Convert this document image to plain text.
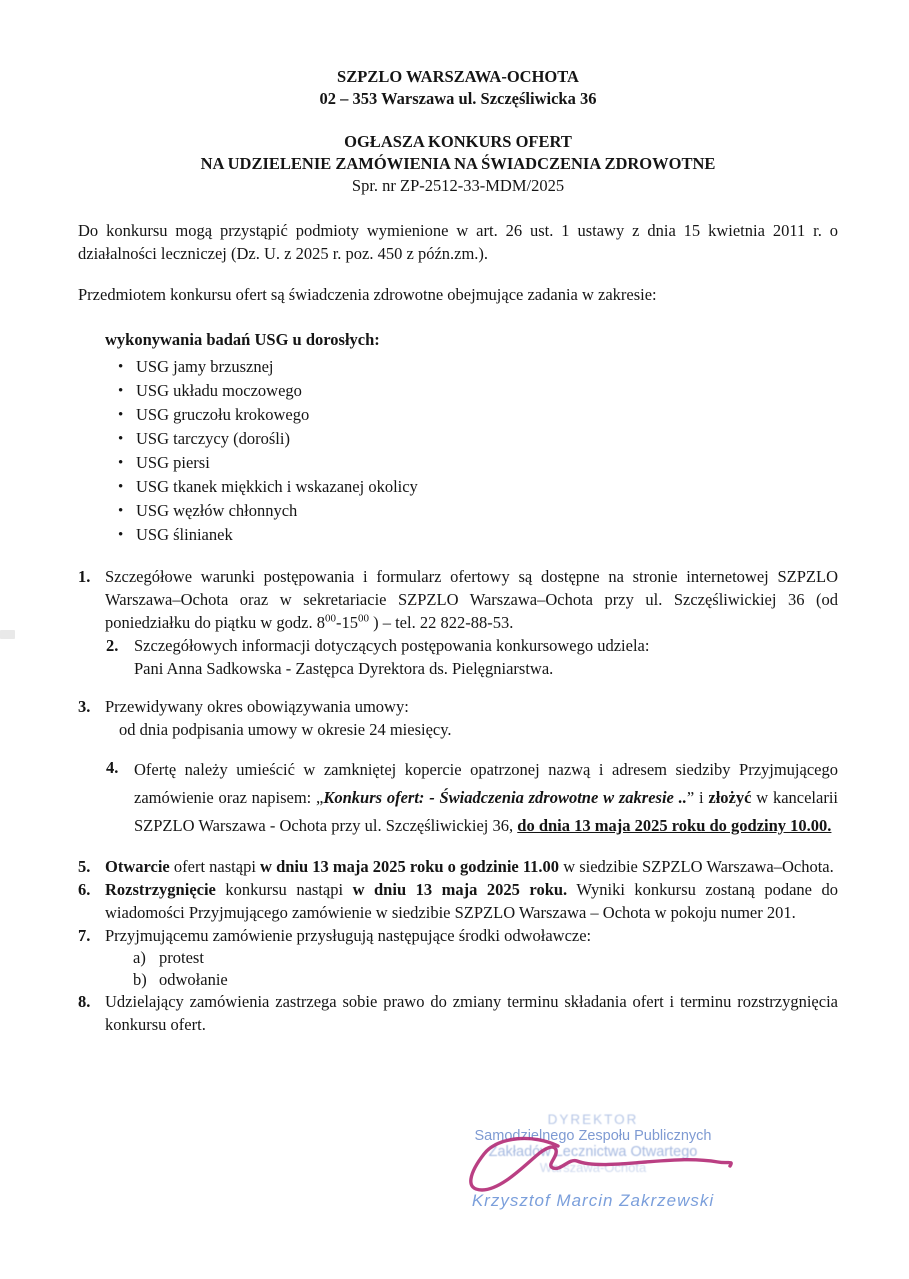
SZPZLO WARSZAWA-OCHOTA
02 – 353 Warszawa ul. Szczęśliwicka 36
OGŁASZA KONKURS OFERT
NA UDZIELENIE ZAMÓWIENIA NA ŚWIADCZENIA ZDROWOTNE
Spr. nr ZP-2512-33-MDM/2025
Do konkursu mogą przystąpić podmioty wymienione w art. 26 ust. 1 ustawy z dnia 15 kwietnia 2011 r. o działalności leczniczej (Dz. U. z 2025 r. poz. 450 z późn.zm.).
Przedmiotem konkursu ofert są świadczenia zdrowotne obejmujące zadania w zakresie:
wykonywania badań USG u dorosłych:
• USG jamy brzusznej
• USG układu moczowego
• USG gruczołu krokowego
• USG tarczycy (dorośli)
• USG piersi
• USG tkanek miękkich i wskazanej okolicy
• USG węzłów chłonnych
• USG ślinianek
1. Szczegółowe warunki postępowania i formularz ofertowy są dostępne na stronie internetowej SZPZLO Warszawa–Ochota oraz w sekretariacie SZPZLO Warszawa–Ochota przy ul. Szczęśliwickiej 36 (od poniedziałku do piątku w godz. $8^{00}-15^{00}$ ) – tel. 22 822-88-53.
2. Szczegółowych informacji dotyczących postępowania konkursowego udziela:
Pani Anna Sadkowska - Zastępca Dyrektora ds. Pielęgniarstwa.
3. Przewidywany okres obowiązywania umowy:
od dnia podpisania umowy w okresie 24 miesięcy.
4. Ofertę należy umieścić w zamkniętej kopercie opatrzonej nazwą i adresem siedziby Przyjmującego zamówienie oraz napisem: „Konkurs ofert: - Świadczenia zdrowotne w zakresie ..” i złożyć w kancelarii SZPZLO Warszawa - Ochota przy ul. Szczęśliwickiej 36, do dnia 13 maja 2025 roku do godziny 10.00.
5. Otwarcie ofert nastąpi w dniu 13 maja 2025 roku o godzinie 11.00 w siedzibie SZPZLO Warszawa–Ochota.
6. Rozstrzygnięcie konkursu nastąpi w dniu 13 maja 2025 roku. Wyniki konkursu zostaną podane do wiadomości Przyjmującego zamówienie w siedzibie SZPZLO Warszawa – Ochota w pokoju numer 201.
7. Przyjmującemu zamówienie przysługują następujące środki odwoławcze:
a) protest
b) odwołanie
8. Udzielający zamówienia zastrzega sobie prawo do zmiany terminu składania ofert i terminu rozstrzygnięcia konkursu ofert.
DYREKTOR
Samodzielnego Zespołu Publicznych
Zakładów Lecznictwa Otwartego
Warszawa-Ochota
Krzysztof Marcin Zakrzewski
